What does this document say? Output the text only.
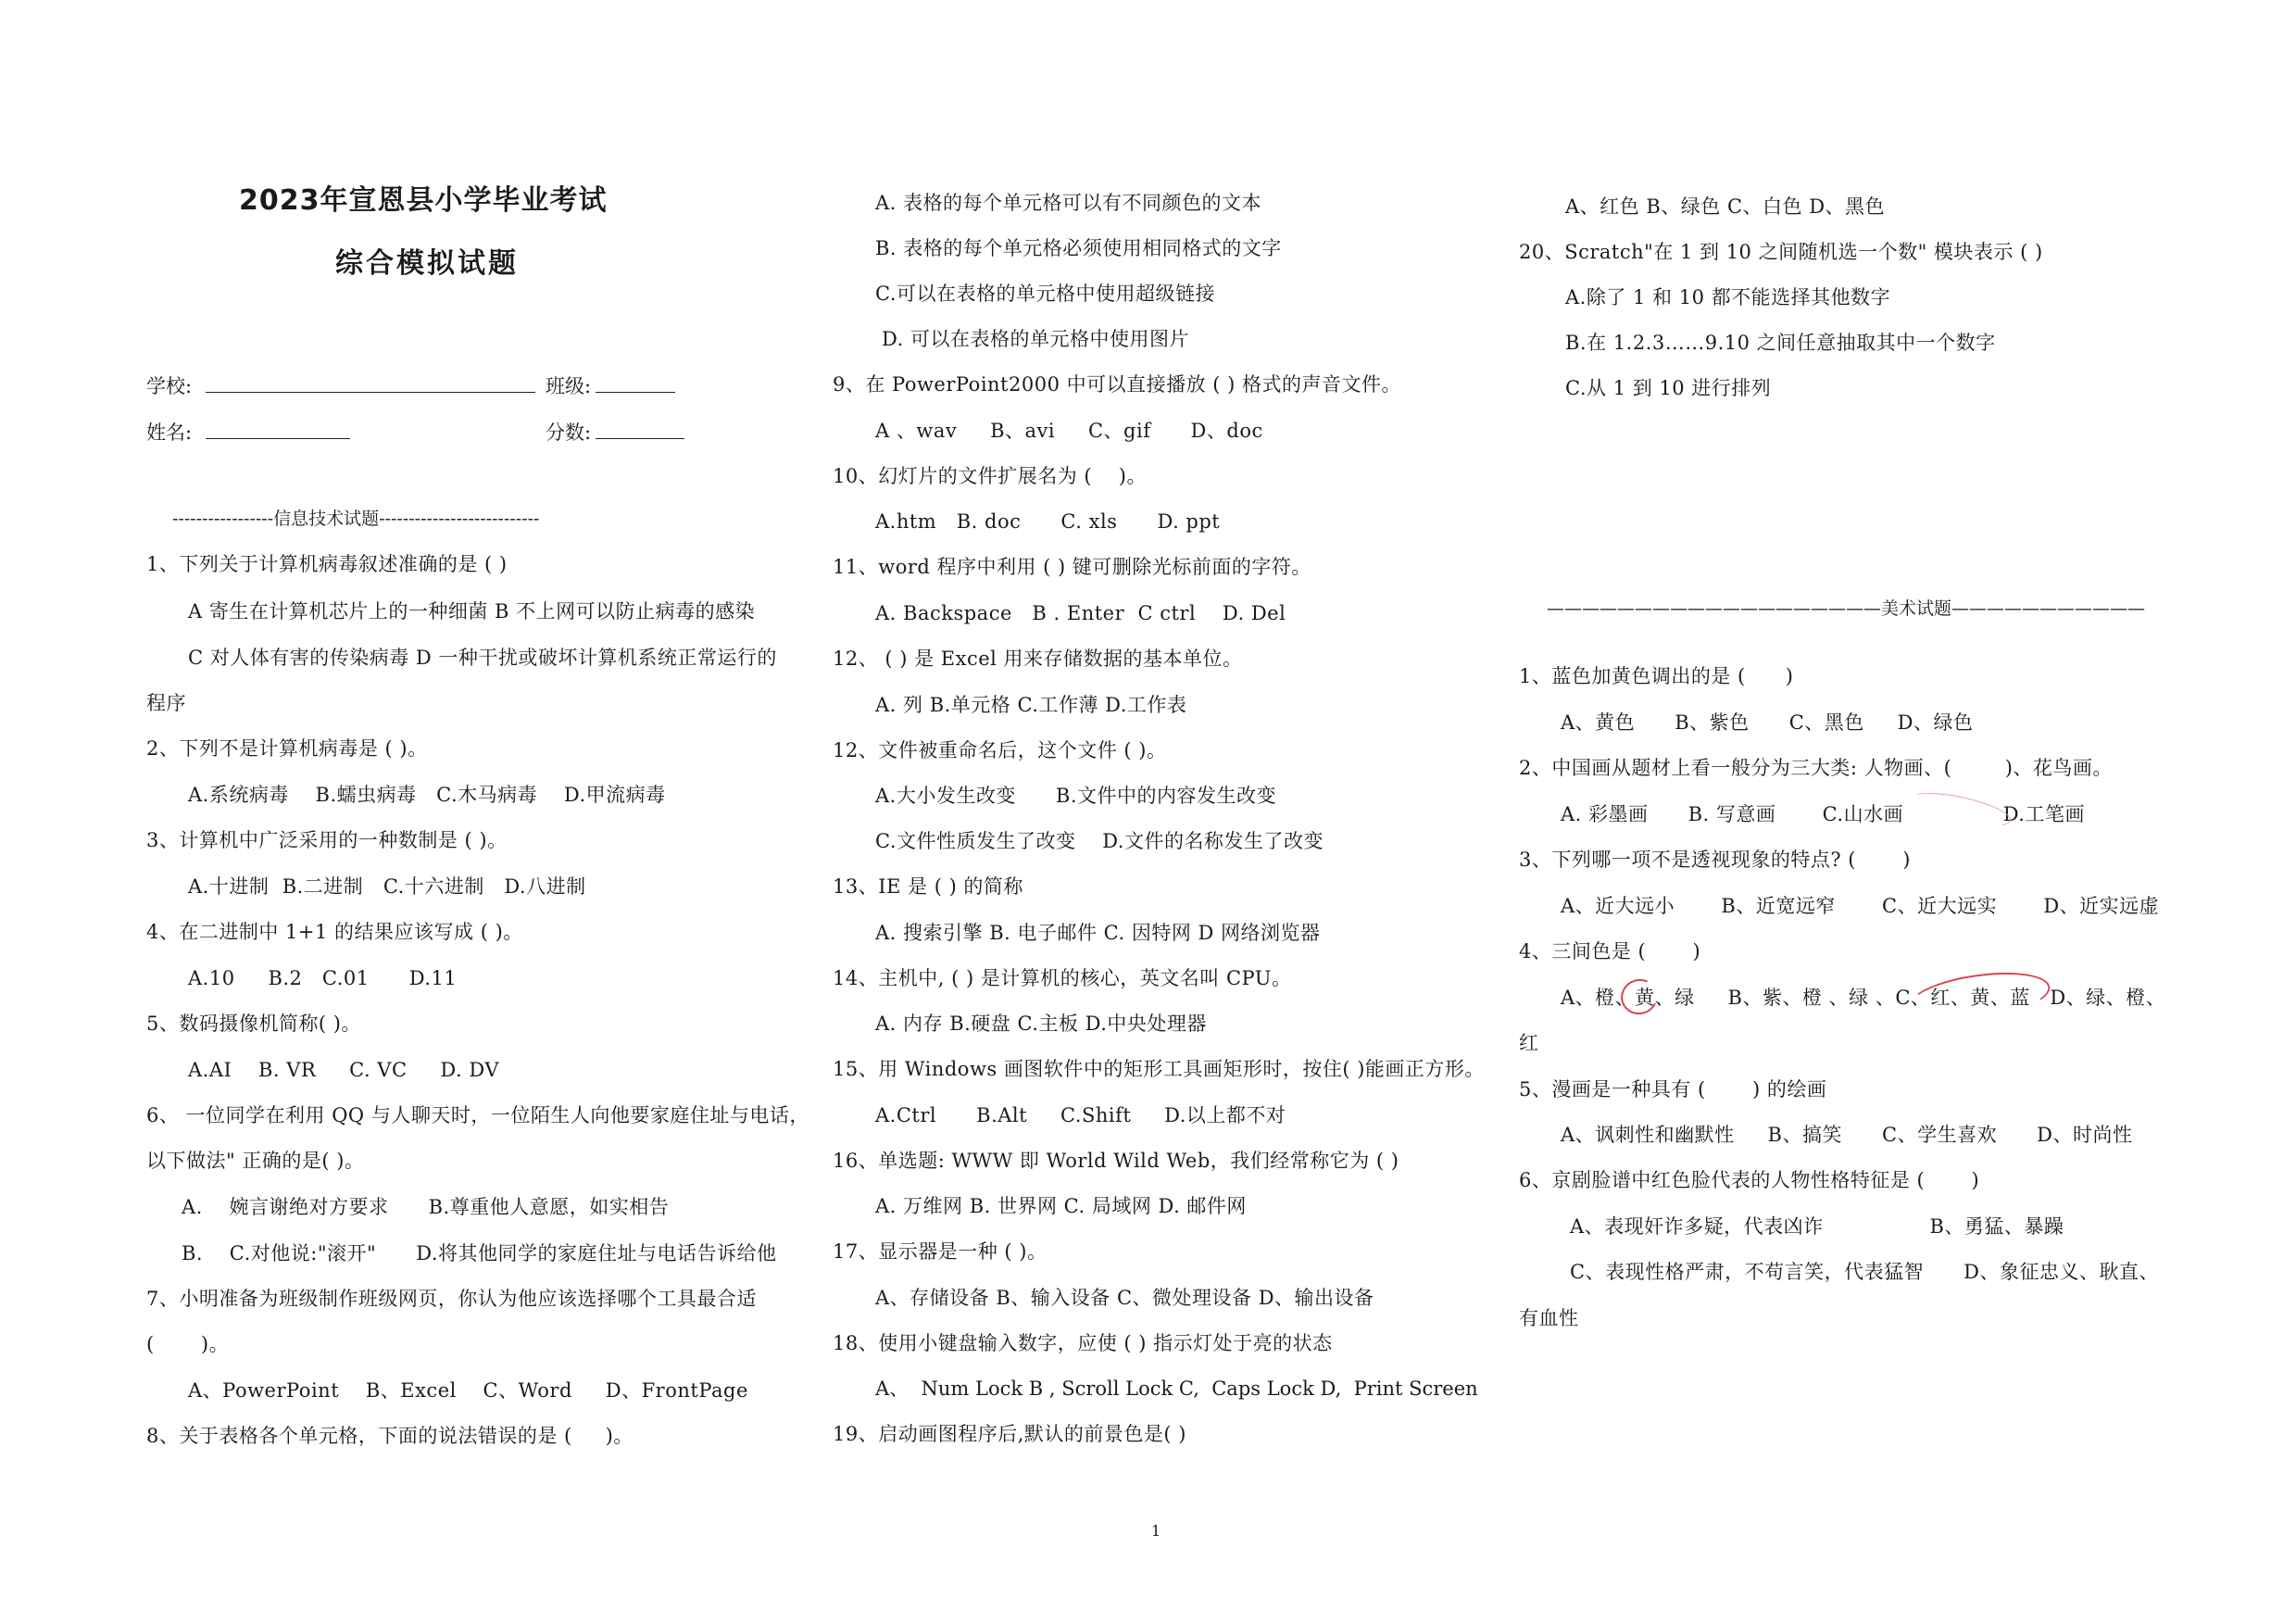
2023年宣恩县小学毕业考试
综合模拟试题
学校:	班级:
姓名:	分数:
-----------------信息技术试题---------------------------
———————————————————美术试题———————————
1、下列关于计算机病毒叙述准确的是 ( )
A 寄生在计算机芯片上的一种细菌 B 不上网可以防止病毒的感染
C 对人体有害的传染病毒 D 一种干扰或破坏计算机系统正常运行的
程序
2、下列不是计算机病毒是 ( )。
A.系统病毒    B.蠕虫病毒   C.木马病毒    D.甲流病毒
3、计算机中广泛采用的一种数制是 ( )。
A.十进制  B.二进制   C.十六进制   D.八进制
4、在二进制中 1+1 的结果应该写成 ( )。
A.10     B.2   C.01      D.11
5、数码摄像机简称( )。
A.AI    B. VR     C. VC     D. DV
6、 一位同学在利用 QQ 与人聊天时，一位陌生人向他要家庭住址与电话，
以下做法" 正确的是( )。
A.    婉言谢绝对方要求      B.尊重他人意愿，如实相告
B.    C.对他说:"滚开"      D.将其他同学的家庭住址与电话告诉给他
7、小明准备为班级制作班级网页，你认为他应该选择哪个工具最合适
(       )。
A、PowerPoint    B、Excel    C、Word     D、FrontPage
8、关于表格各个单元格，下面的说法错误的是 (     )。
A. 表格的每个单元格可以有不同颜色的文本
B. 表格的每个单元格必须使用相同格式的文字
C.可以在表格的单元格中使用超级链接
D. 可以在表格的单元格中使用图片
9、在 PowerPoint2000 中可以直接播放 ( ) 格式的声音文件。
A 、wav     B、avi     C、gif      D、doc
10、幻灯片的文件扩展名为 (    )。
A.htm   B. doc      C. xls      D. ppt
11、word 程序中利用 ( ) 键可删除光标前面的字符。
A. Backspace   B . Enter  C ctrl    D. Del
12、 ( ) 是 Excel 用来存储数据的基本单位。
A. 列 B.单元格 C.工作薄 D.工作表
12、文件被重命名后，这个文件 ( )。
A.大小发生改变      B.文件中的内容发生改变
C.文件性质发生了改变    D.文件的名称发生了改变
13、IE 是 ( ) 的简称
A. 搜索引擎 B. 电子邮件 C. 因特网 D 网络浏览器
14、主机中, ( ) 是计算机的核心，英文名叫 CPU。
A. 内存 B.硬盘 C.主板 D.中央处理器
15、用 Windows 画图软件中的矩形工具画矩形时，按住( )能画正方形。
A.Ctrl      B.Alt     C.Shift     D.以上都不对
16、单选题: WWW 即 World Wild Web，我们经常称它为 ( )
A. 万维网 B. 世界网 C. 局域网 D. 邮件网
17、显示器是一种 ( )。
A、存储设备 B、输入设备 C、微处理设备 D、输出设备
18、使用小键盘输入数字，应使 ( ) 指示灯处于亮的状态
A、  Num Lock B , Scroll Lock C,  Caps Lock D,  Print Screen
19、启动画图程序后,默认的前景色是( )
A、红色 B、绿色 C、白色 D、黑色
20、Scratch"在 1 到 10 之间随机选一个数" 模块表示 ( )
A.除了 1 和 10 都不能选择其他数字
B.在 1.2.3……9.10 之间任意抽取其中一个数字
C.从 1 到 10 进行排列
1、蓝色加黄色调出的是 (      )
A、黄色      B、紫色      C、黑色     D、绿色
2、中国画从题材上看一般分为三大类: 人物画、(        )、花鸟画。
A. 彩墨画      B. 写意画       C.山水画               D.工笔画
3、下列哪一项不是透视现象的特点? (       )
A、近大远小       B、近宽远窄       C、近大远实       D、近实远虚
4、三间色是 (       )
A、橙、黄、绿     B、紫、橙 、绿 、C、红、黄、蓝   D、绿、橙、
红
5、漫画是一种具有 (       ) 的绘画
A、讽刺性和幽默性     B、搞笑      C、学生喜欢      D、时尚性
6、京剧脸谱中红色脸代表的人物性格特征是 (       )
A、表现奸诈多疑，代表凶诈                B、勇猛、暴躁
C、表现性格严肃，不苟言笑，代表猛智      D、象征忠义、耿直、
有血性
1
